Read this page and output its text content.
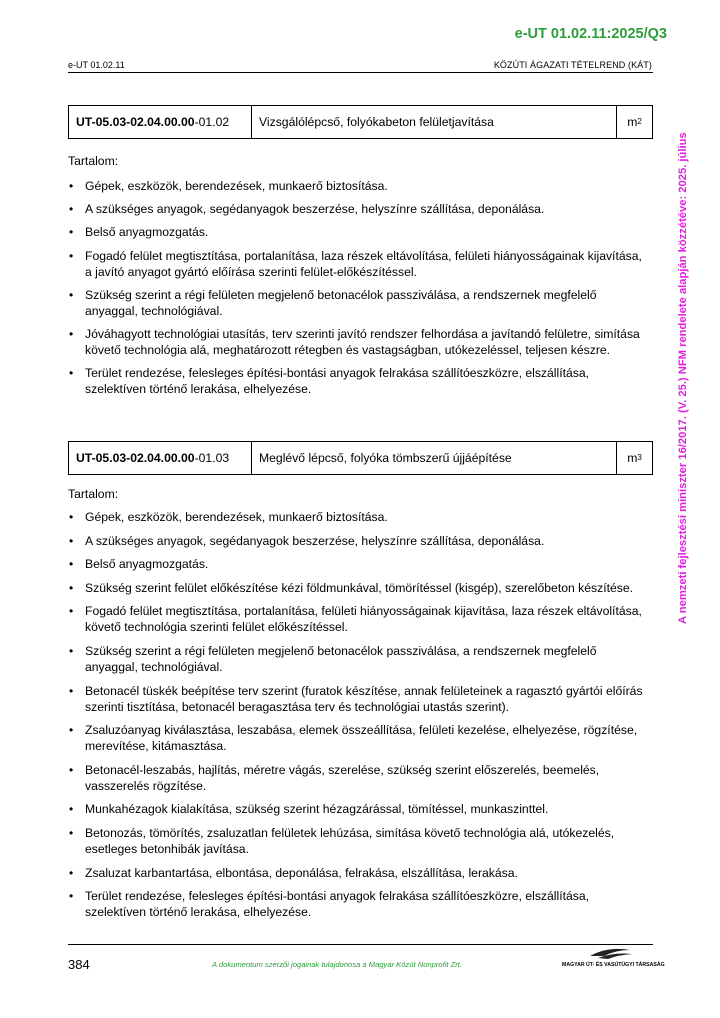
e-UT 01.02.11:2025/Q3
e-UT 01.02.11	KÖZÚTI ÁGAZATI TÉTELREND (KÁT)
A nemzeti fejlesztési miniszter 16/2017. (V. 25.) NFM rendelete alapján közzétéve: 2025. július
UT-05.03-02.04.00.00 -01.02	Vizsgálólépcső, folyókabeton felületjavítása	m 2
Tartalom:
• Gépek, eszközök, berendezések, munkaerő biztosítása.
• A szükséges anyagok, segédanyagok beszerzése, helyszínre szállítása, deponálása.
• Belső anyagmozgatás.
• Fogadó felület megtisztítása, portalanítása, laza részek eltávolítása, felületi hiányosságainak kijavítása, a javító anyagot gyártó előírása szerinti felület-előkészítéssel.
• Szükség szerint a régi felületen megjelenő betonacélok passziválása, a rendszernek megfelelő anyaggal, technológiával.
• Jóváhagyott technológiai utasítás, terv szerinti javító rendszer felhordása a javítandó felületre, simítása követő technológia alá, meghatározott rétegben és vastagságban, utókezeléssel, teljesen készre.
• Terület rendezése, felesleges építési-bontási anyagok felrakása szállítóeszközre, elszállítása, szelektíven történő lerakása, elhelyezése.
UT-05.03-02.04.00.00 -01.03	Meglévő lépcső, folyóka tömbszerű újjáépítése	m 3
Tartalom:
• Gépek, eszközök, berendezések, munkaerő biztosítása.
• A szükséges anyagok, segédanyagok beszerzése, helyszínre szállítása, deponálása.
• Belső anyagmozgatás.
• Szükség szerint felület előkészítése kézi földmunkával, tömörítéssel (kisgép), szerelőbeton készítése.
• Fogadó felület megtisztítása, portalanítása, felületi hiányosságainak kijavítása, laza részek eltávolítása, követő technológia szerinti felület előkészítéssel.
• Szükség szerint a régi felületen megjelenő betonacélok passziválása, a rendszernek megfelelő anyaggal, technológiával.
• Betonacél tüskék beépítése terv szerint (furatok készítése, annak felületeinek a ragasztó gyártói előírás szerinti tisztítása, betonacél beragasztása terv és technológiai utastás szerint).
• Zsaluzóanyag kiválasztása, leszabása, elemek összeállítása, felületi kezelése, elhelyezése, rögzítése, merevítése, kitámasztása.
• Betonacél-leszabás, hajlítás, méretre vágás, szerelése, szükség szerint előszerelés, beemelés, vasszerelés rögzítése.
• Munkahézagok kialakítása, szükség szerint hézagzárással, tömítéssel, munkaszinttel.
• Betonozás, tömörítés, zsaluzatlan felületek lehúzása, simítása követő technológia alá, utókezelés, esetleges betonhibák javítása.
• Zsaluzat karbantartása, elbontása, deponálása, felrakása, elszállítása, lerakása.
• Terület rendezése, felesleges építési-bontási anyagok felrakása szállítóeszközre, elszállítása, szelektíven történő lerakása, elhelyezése.
384	A dokumentum szerzői jogainak tulajdonosa a Magyar Közút Nonprofit Zrt.	MAGYAR ÚT- ÉS VASÚTÜGYI TÁRSASÁG
